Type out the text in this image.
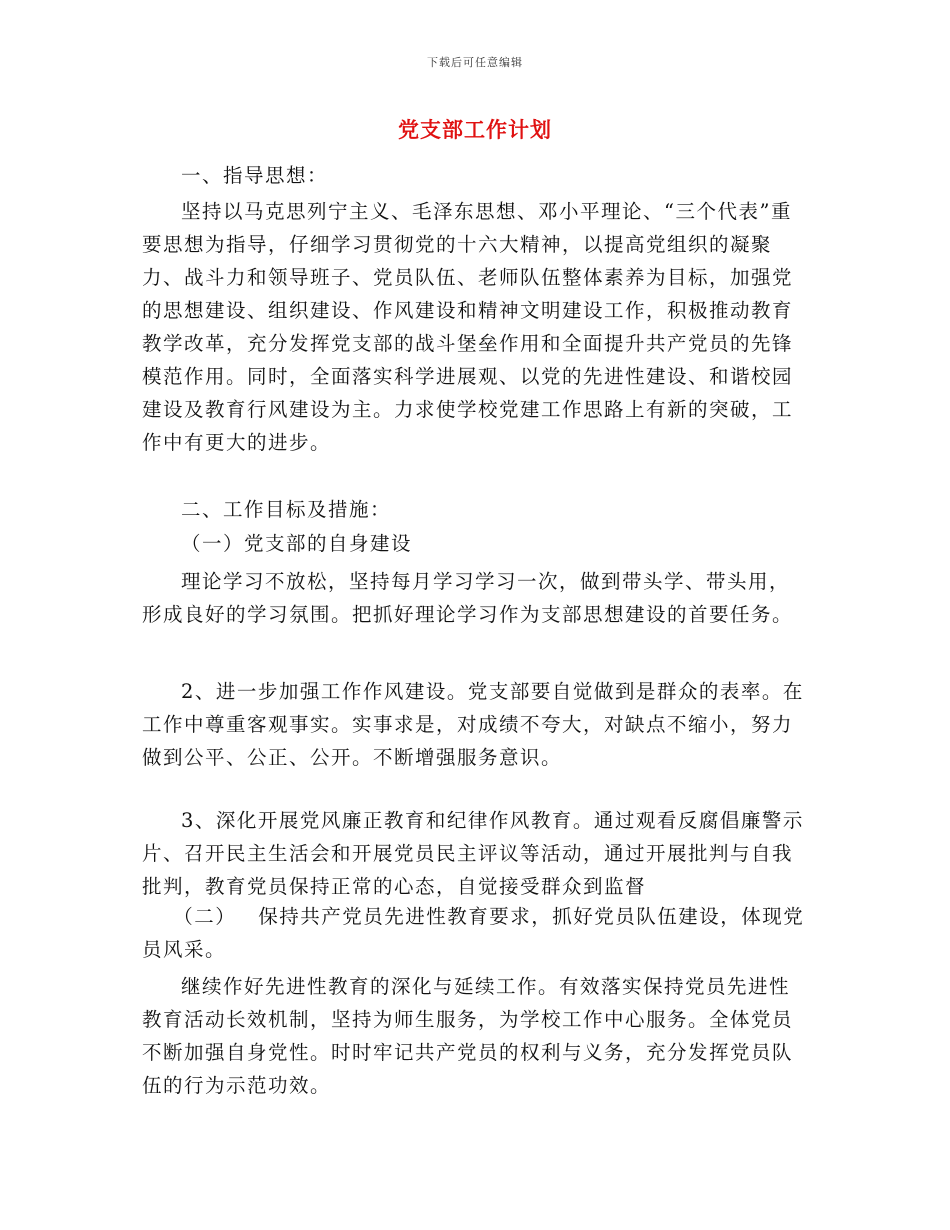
下载后可任意编辑
党支部工作计划

一、指导思想：

坚持以马克思列宁主义、毛泽东思想、邓小平理论、“三个代表”重要思想为指导，仔细学习贯彻党的十六大精神，以提高党组织的凝聚力、战斗力和领导班子、党员队伍、老师队伍整体素养为目标，加强党的思想建设、组织建设、作风建设和精神文明建设工作，积极推动教育教学改革，充分发挥党支部的战斗堡垒作用和全面提升共产党员的先锋模范作用。同时，全面落实科学进展观、以党的先进性建设、和谐校园建设及教育行风建设为主。力求使学校党建工作思路上有新的突破，工作中有更大的进步。

二、工作目标及措施：

（一）党支部的自身建设

理论学习不放松，坚持每月学习学习一次，做到带头学、带头用，形成良好的学习氛围。把抓好理论学习作为支部思想建设的首要任务。

2、进一步加强工作作风建设。党支部要自觉做到是群众的表率。在工作中尊重客观事实。实事求是，对成绩不夸大，对缺点不缩小，努力做到公平、公正、公开。不断增强服务意识。

3、深化开展党风廉正教育和纪律作风教育。通过观看反腐倡廉警示片、召开民主生活会和开展党员民主评议等活动，通过开展批判与自我批判，教育党员保持正常的心态，自觉接受群众到监督

（二） 保持共产党员先进性教育要求，抓好党员队伍建设，体现党员风采。

继续作好先进性教育的深化与延续工作。有效落实保持党员先进性教育活动长效机制，坚持为师生服务，为学校工作中心服务。全体党员不断加强自身党性。时时牢记共产党员的权利与义务，充分发挥党员队伍的行为示范功效。
